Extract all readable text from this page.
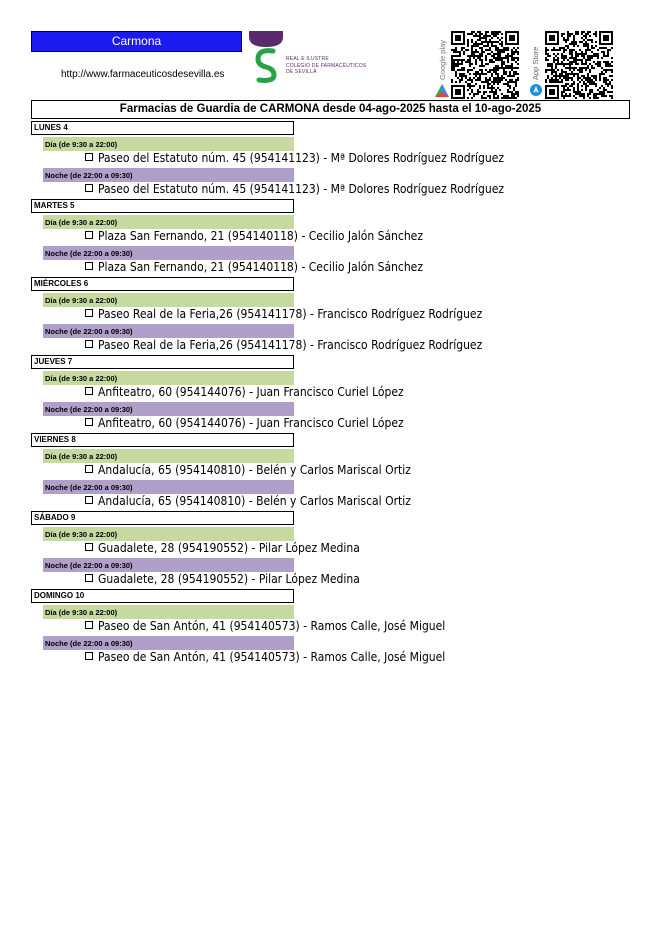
Carmona
http://www.farmaceuticosdesevilla.es
REAL E ILUSTRE
COLEGIO DE FARMACÉUTICOS
DE SEVILLA	Google play	App Store
Farmacias de Guardia de CARMONA desde 04-ago-2025 hasta el 10-ago-2025
LUNES 4
Día (de 9:30 a 22:00)
Paseo del Estatuto núm. 45 (954141123) - Mª Dolores Rodríguez Rodríguez
Noche (de 22:00 a 09:30)
Paseo del Estatuto núm. 45 (954141123) - Mª Dolores Rodríguez Rodríguez
MARTES 5
Día (de 9:30 a 22:00)
Plaza San Fernando, 21 (954140118) - Cecilio Jalón Sánchez
Noche (de 22:00 a 09:30)
Plaza San Fernando, 21 (954140118) - Cecilio Jalón Sánchez
MIÉRCOLES 6
Día (de 9:30 a 22:00)
Paseo Real de la Feria,26 (954141178) - Francisco Rodríguez Rodríguez
Noche (de 22:00 a 09:30)
Paseo Real de la Feria,26 (954141178) - Francisco Rodríguez Rodríguez
JUEVES 7
Día (de 9:30 a 22:00)
Anfiteatro, 60 (954144076) - Juan Francisco Curiel López
Noche (de 22:00 a 09:30)
Anfiteatro, 60 (954144076) - Juan Francisco Curiel López
VIERNES 8
Día (de 9:30 a 22:00)
Andalucía, 65 (954140810) - Belén y Carlos Mariscal Ortiz
Noche (de 22:00 a 09:30)
Andalucía, 65 (954140810) - Belén y Carlos Mariscal Ortiz
SÁBADO 9
Día (de 9:30 a 22:00)
Guadalete, 28 (954190552) - Pilar López Medina
Noche (de 22:00 a 09:30)
Guadalete, 28 (954190552) - Pilar López Medina
DOMINGO 10
Día (de 9:30 a 22:00)
Paseo de San Antón, 41 (954140573) - Ramos Calle, José Miguel
Noche (de 22:00 a 09:30)
Paseo de San Antón, 41 (954140573) - Ramos Calle, José Miguel
